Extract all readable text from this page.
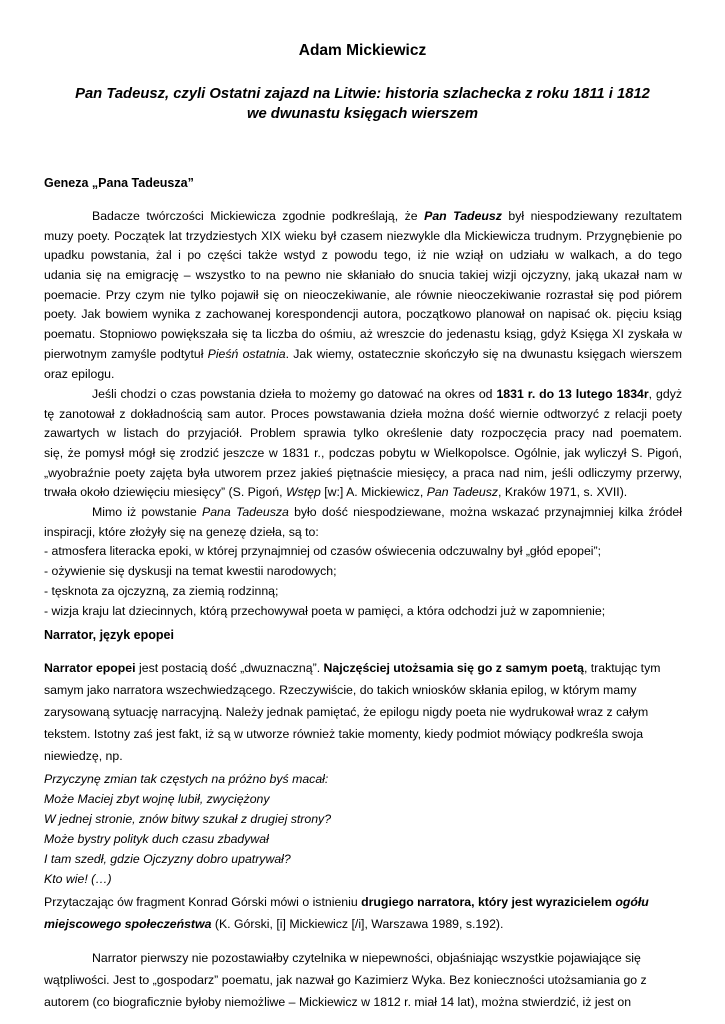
Adam Mickiewicz
Pan Tadeusz, czyli Ostatni zajazd na Litwie: historia szlachecka z roku 1811 i 1812
we dwunastu księgach wierszem
Geneza „Pana Tadeusza”
Badacze twórczości Mickiewicza zgodnie podkreślają, że Pan Tadeusz był niespodziewany rezultatem
muzy poety. Początek lat trzydziestych XIX wieku był czasem niezwykle dla Mickiewicza trudnym. Przygnębienie po
upadku powstania, żal i po części także wstyd z powodu tego, iż nie wziął on udziału w walkach, a do tego
udania się na emigrację – wszystko to na pewno nie skłaniało do snucia takiej wizji ojczyzny, jaką ukazał nam w
poemacie. Przy czym nie tylko pojawił się on nieoczekiwanie, ale równie nieoczekiwanie rozrastał się pod piórem
poety. Jak bowiem wynika z zachowanej korespondencji autora, początkowo planował on napisać ok. pięciu ksiąg
poematu. Stopniowo powiększała się ta liczba do ośmiu, aż wreszcie do jedenastu ksiąg, gdyż Księga XI zyskała w
pierwotnym zamyśle podtytuł Pieśń ostatnia. Jak wiemy, ostatecznie skończyło się na dwunastu księgach wierszem
oraz epilogu.
Jeśli chodzi o czas powstania dzieła to możemy go datować na okres od 1831 r. do 13 lutego 1834r, gdyż
tę zanotował z dokładnością sam autor. Proces powstawania dzieła można dość wiernie odtworzyć z relacji poety
zawartych w listach do przyjaciół. Problem sprawia tylko określenie daty rozpoczęcia pracy nad poematem.
się, że pomysł mógł się zrodzić jeszcze w 1831 r., podczas pobytu w Wielkopolsce. Ogólnie, jak wyliczył S. Pigoń,
„wyobraźnie poety zajęta była utworem przez jakieś piętnaście miesięcy, a praca nad nim, jeśli odliczymy przerwy,
trwała około dziewięciu miesięcy” (S. Pigoń, Wstęp [w:] A. Mickiewicz, Pan Tadeusz, Kraków 1971, s. XVII).
Mimo iż powstanie Pana Tadeusza było dość niespodziewane, można wskazać przynajmniej kilka źródeł
inspiracji, które złożyły się na genezę dzieła, są to:
- atmosfera literacka epoki, w której przynajmniej od czasów oświecenia odczuwalny był „głód epopei”;
- ożywienie się dyskusji na temat kwestii narodowych;
- tęsknota za ojczyzną, za ziemią rodzinną;
- wizja kraju lat dziecinnych, którą przechowywał poeta w pamięci, a która odchodzi już w zapomnienie;
Narrator, język epopei
Narrator epopei jest postacią dość „dwuznaczną”. Najczęściej utożsamia się go z samym poetą, traktując tym
samym jako narratora wszechwiedzącego. Rzeczywiście, do takich wniosków skłania epilog, w którym mamy
zarysowaną sytuację narracyjną. Należy jednak pamiętać, że epilogu nigdy poeta nie wydrukował wraz z całym
tekstem. Istotny zaś jest fakt, iż są w utworze również takie momenty, kiedy podmiot mówiący podkreśla swoja
niewiedzę, np.
Przyczynę zmian tak częstych na próżno byś macał:
Może Maciej zbyt wojnę lubił, zwyciężony
W jednej stronie, znów bitwy szukał z drugiej strony?
Może bystry polityk duch czasu zbadywał
I tam szedł, gdzie Ojczyzny dobro upatrywał?
Kto wie! (…)
Przytaczając ów fragment Konrad Górski mówi o istnieniu drugiego narratora, który jest wyrazicielem ogółu
miejscowego społeczeństwa (K. Górski, [i] Mickiewicz [/i], Warszawa 1989, s.192).
Narrator pierwszy nie pozostawiałby czytelnika w niepewności, objaśniając wszystkie pojawiające się
wątpliwości. Jest to „gospodarz” poematu, jak nazwał go Kazimierz Wyka. Bez konieczności utożsamiania go z
autorem (co biograficznie byłoby niemożliwe – Mickiewicz w 1812 r. miał 14 lat), można stwierdzić, iż jest on
